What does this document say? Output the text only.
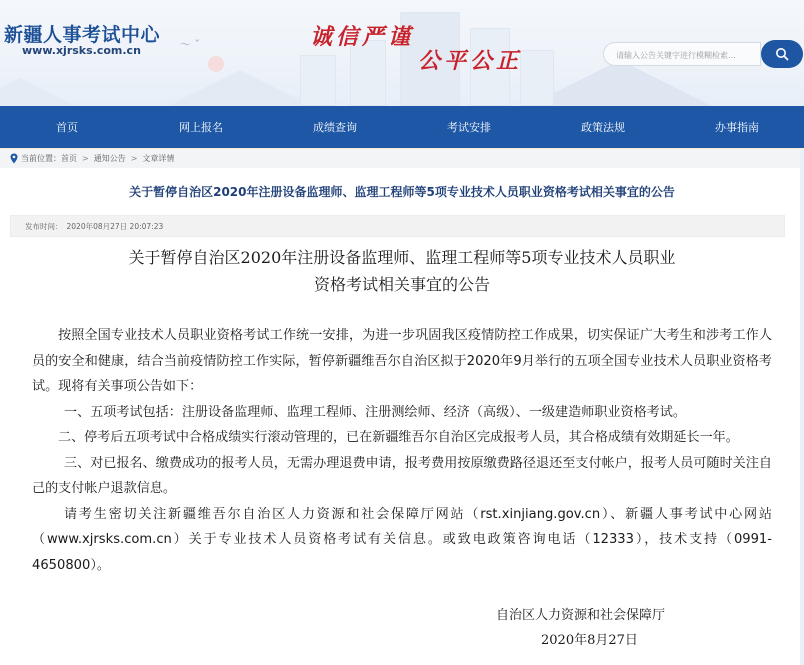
〜 ˇ
新疆人事考试中心
www.xjrsks.com.cn
诚信严谨
公平公正
请输入公告关键字进行模糊检索...
首页	网上报名	成绩查询	考试安排	政策法规	办事指南
当前位置： 首页 > 通知公告 > 文章详情
关于暂停自治区2020年注册设备监理师、监理工程师等5项专业技术人员职业资格考试相关事宜的公告
发布时间： 2020年08月27日 20:07:23
关于暂停自治区2020年注册设备监理师、监理工程师等5项专业技术人员职业
资格考试相关事宜的公告

按照全国专业技术人员职业资格考试工作统一安排，为进一步巩固我区疫情防控工作成果，切实保证广大考生和涉考工作人员的安全和健康，结合当前疫情防控工作实际，暂停新疆维吾尔自治区拟于2020年9月举行的五项全国专业技术人员职业资格考试。现将有关事项公告如下：

一、五项考试包括：注册设备监理师、监理工程师、注册测绘师、经济（高级）、一级建造师职业资格考试。

二、停考后五项考试中合格成绩实行滚动管理的，已在新疆维吾尔自治区完成报考人员，其合格成绩有效期延长一年。

三、对已报名、缴费成功的报考人员，无需办理退费申请，报考费用按原缴费路径退还至支付帐户，报考人员可随时关注自己的支付帐户退款信息。

请考生密切关注新疆维吾尔自治区人力资源和社会保障厅网站（rst.xinjiang.gov.cn）、新疆人事考试中心网站（www.xjrsks.com.cn）关于专业技术人员资格考试有关信息。或致电政策咨询电话（12333），技术支持（0991-4650800）。

自治区人力资源和社会保障厅
2020年8月27日
